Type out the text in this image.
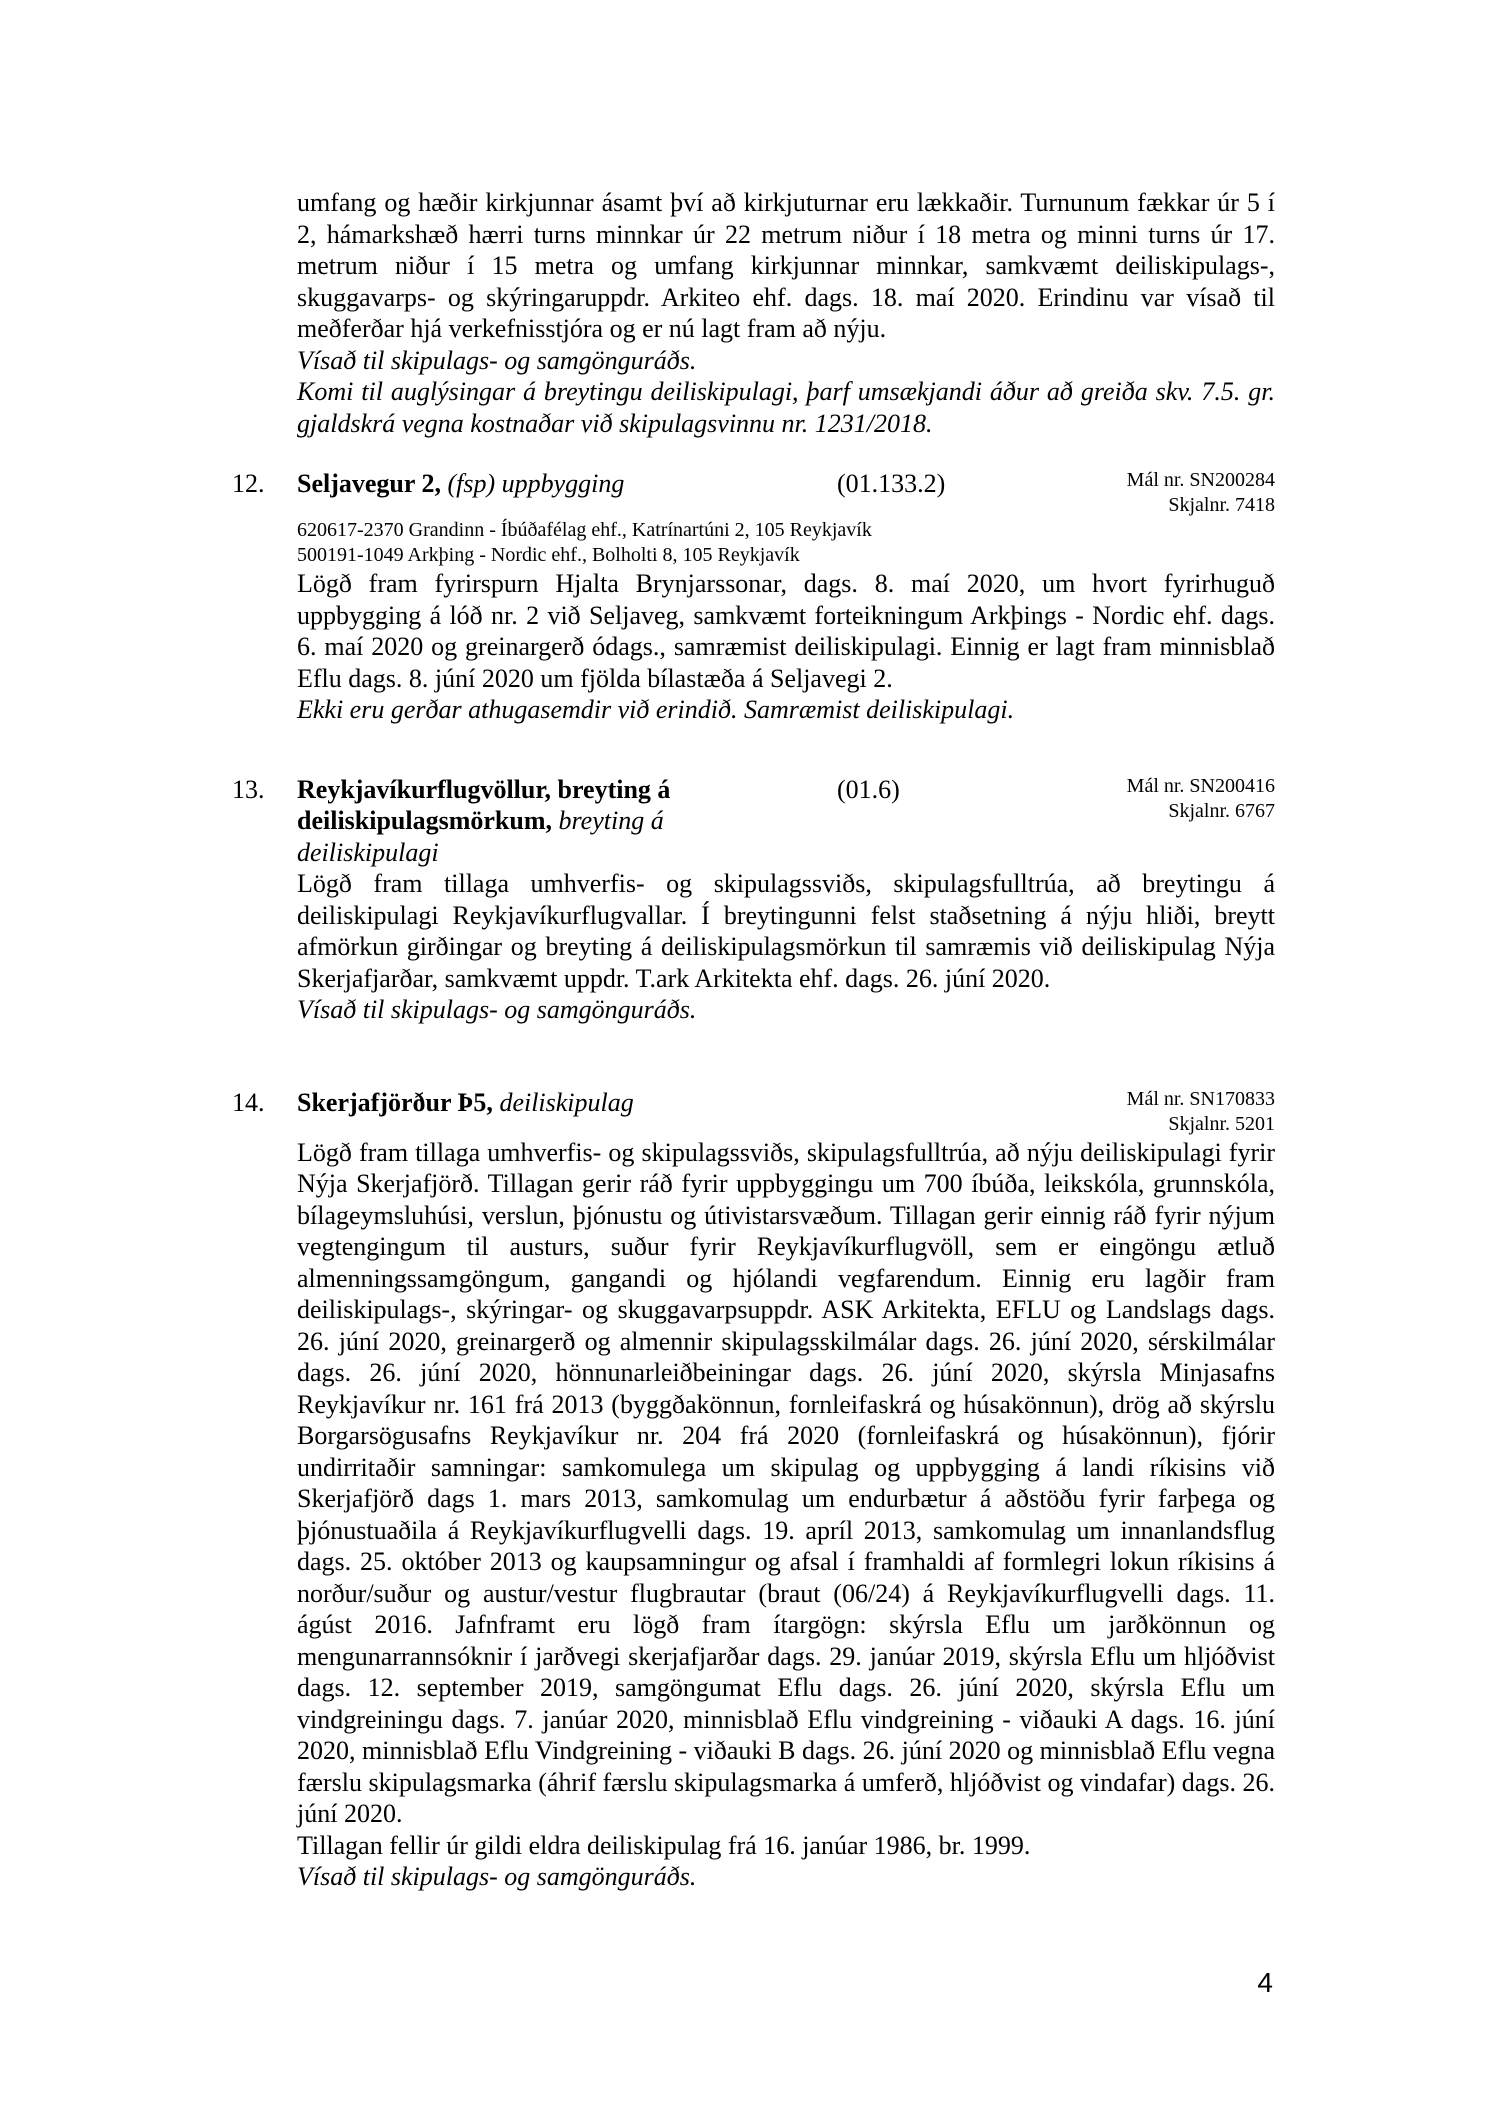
umfang og hæðir kirkjunnar ásamt því að kirkjuturnar eru lækkaðir. Turnunum fækkar úr 5 í 2, hámarkshæð hærri turns minnkar úr 22 metrum niður í 18 metra og minni turns úr 17. metrum niður í 15 metra og umfang kirkjunnar minnkar, samkvæmt deiliskipulags-, skuggavarps- og skýringaruppdr. Arkiteo ehf. dags. 18. maí 2020. Erindinu var vísað til meðferðar hjá verkefnisstjóra og er nú lagt fram að nýju.

Vísað til skipulags- og samgönguráðs.

Komi til auglýsingar á breytingu deiliskipulagi, þarf umsækjandi áður að greiða skv. 7.5. gr. gjaldskrá vegna kostnaðar við skipulagsvinnu nr. 1231/2018.

12. Seljavegur 2, (fsp) uppbygging	(01.133.2)	Mál nr. SN200284
Skjalnr. 7418
620617-2370 Grandinn - Íbúðafélag ehf., Katrínartúni 2, 105 Reykjavík
500191-1049 Arkþing - Nordic ehf., Bolholti 8, 105 Reykjavík

Lögð fram fyrirspurn Hjalta Brynjarssonar, dags. 8. maí 2020, um hvort fyrirhuguð uppbygging á lóð nr. 2 við Seljaveg, samkvæmt forteikningum Arkþings - Nordic ehf. dags. 6. maí 2020 og greinargerð ódags., samræmist deiliskipulagi. Einnig er lagt fram minnisblað Eflu dags. 8. júní 2020 um fjölda bílastæða á Seljavegi 2.

Ekki eru gerðar athugasemdir við erindið. Samræmist deiliskipulagi.

13. Reykjavíkurflugvöllur, breyting á deiliskipulagsmörkum, breyting á deiliskipulagi
(01.6)	Mál nr. SN200416
Skjalnr. 6767

Lögð fram tillaga umhverfis- og skipulagssviðs, skipulagsfulltrúa, að breytingu á deiliskipulagi Reykjavíkurflugvallar. Í breytingunni felst staðsetning á nýju hliði, breytt afmörkun girðingar og breyting á deiliskipulagsmörkun til samræmis við deiliskipulag Nýja Skerjafjarðar, samkvæmt uppdr. T.ark Arkitekta ehf. dags. 26. júní 2020.

Vísað til skipulags- og samgönguráðs.

14. Skerjafjörður Þ5, deiliskipulag	Mál nr. SN170833
Skjalnr. 5201

Lögð fram tillaga umhverfis- og skipulagssviðs, skipulagsfulltrúa, að nýju deiliskipulagi fyrir Nýja Skerjafjörð. Tillagan gerir ráð fyrir uppbyggingu um 700 íbúða, leikskóla, grunnskóla, bílageymsluhúsi, verslun, þjónustu og útivistarsvæðum. Tillagan gerir einnig ráð fyrir nýjum vegtengingum til austurs, suður fyrir Reykjavíkurflugvöll, sem er eingöngu ætluð almenningssamgöngum, gangandi og hjólandi vegfarendum. Einnig eru lagðir fram deiliskipulags-, skýringar- og skuggavarpsuppdr. ASK Arkitekta, EFLU og Landslags dags. 26. júní 2020, greinargerð og almennir skipulagsskilmálar dags. 26. júní 2020, sérskilmálar dags. 26. júní 2020, hönnunarleiðbeiningar dags. 26. júní 2020, skýrsla Minjasafns Reykjavíkur nr. 161 frá 2013 (byggðakönnun, fornleifaskrá og húsakönnun), drög að skýrslu Borgarsögusafns Reykjavíkur nr. 204 frá 2020 (fornleifaskrá og húsakönnun), fjórir undirritaðir samningar: samkomulega um skipulag og uppbygging á landi ríkisins við Skerjafjörð dags 1. mars 2013, samkomulag um endurbætur á aðstöðu fyrir farþega og þjónustuaðila á Reykjavíkurflugvelli dags. 19. apríl 2013, samkomulag um innanlandsflug dags. 25. október 2013 og kaupsamningur og afsal í framhaldi af formlegri lokun ríkisins á norður/suður og austur/vestur flugbrautar (braut (06/24) á Reykjavíkurflugvelli dags. 11. ágúst 2016. Jafnframt eru lögð fram ítargögn: skýrsla Eflu um jarðkönnun og mengunarrannsóknir í jarðvegi skerjafjarðar dags. 29. janúar 2019, skýrsla Eflu um hljóðvist dags. 12. september 2019, samgöngumat Eflu dags. 26. júní 2020, skýrsla Eflu um vindgreiningu dags. 7. janúar 2020, minnisblað Eflu vindgreining - viðauki A dags. 16. júní 2020, minnisblað Eflu Vindgreining - viðauki B dags. 26. júní 2020 og minnisblað Eflu vegna færslu skipulagsmarka (áhrif færslu skipulagsmarka á umferð, hljóðvist og vindafar) dags. 26. júní 2020.

Tillagan fellir úr gildi eldra deiliskipulag frá 16. janúar 1986, br. 1999.

Vísað til skipulags- og samgönguráðs.

4
